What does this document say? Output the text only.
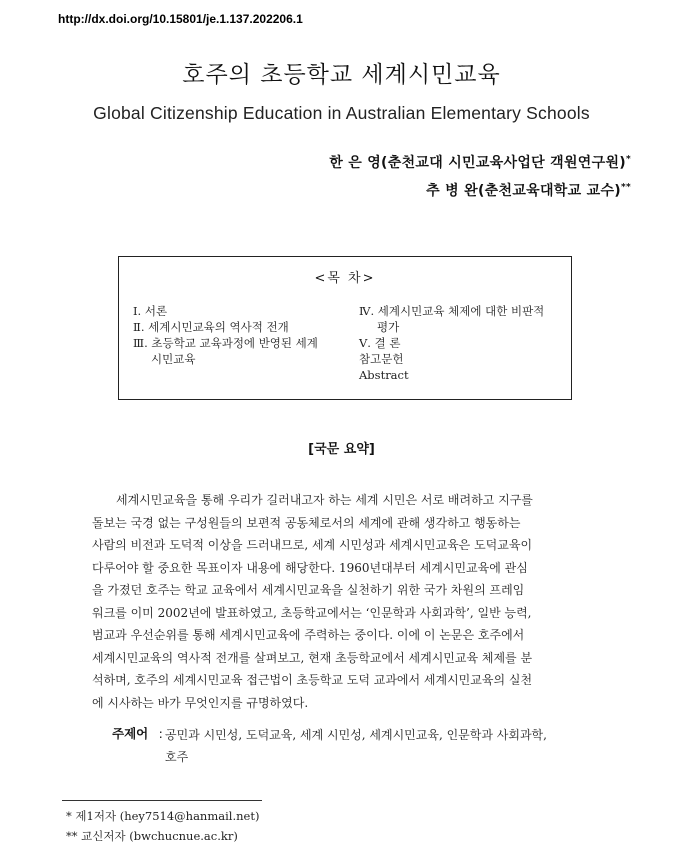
http://dx.doi.org/10.15801/je.1.137.202206.1
호주의 초등학교 세계시민교육
Global Citizenship Education in Australian Elementary Schools
한 은 영(춘천교대 시민교육사업단 객원연구원)*
추 병 완(춘천교육대학교 교수)**
<목 차>
Ⅰ. 서론
Ⅱ. 세계시민교육의 역사적 전개
Ⅲ. 초등학교 교육과정에 반영된 세계
시민교육
Ⅳ. 세계시민교육 체제에 대한 비판적
평가
Ⅴ. 결 론
참고문헌
Abstract
[국문 요약]
세계시민교육을 통해 우리가 길러내고자 하는 세계 시민은 서로 배려하고 지구를
돌보는 국경 없는 구성원들의 보편적 공동체로서의 세계에 관해 생각하고 행동하는
사람의 비전과 도덕적 이상을 드러내므로, 세계 시민성과 세계시민교육은 도덕교육이
다루어야 할 중요한 목표이자 내용에 해당한다. 1960년대부터 세계시민교육에 관심
을 가졌던 호주는 학교 교육에서 세계시민교육을 실천하기 위한 국가 차원의 프레임
워크를 이미 2002년에 발표하였고, 초등학교에서는 ‘인문학과 사회과학’, 일반 능력,
범교과 우선순위를 통해 세계시민교육에 주력하는 중이다. 이에 이 논문은 호주에서
세계시민교육의 역사적 전개를 살펴보고, 현재 초등학교에서 세계시민교육 체제를 분
석하며, 호주의 세계시민교육 접근법이 초등학교 도덕 교과에서 세계시민교육의 실천
에 시사하는 바가 무엇인지를 규명하였다.
주제어 : 공민과 시민성, 도덕교육, 세계 시민성, 세계시민교육, 인문학과 사회과학,
호주
* 제1저자 (hey7514@hanmail.net)
** 교신저자 (bwchucnue.ac.kr)
